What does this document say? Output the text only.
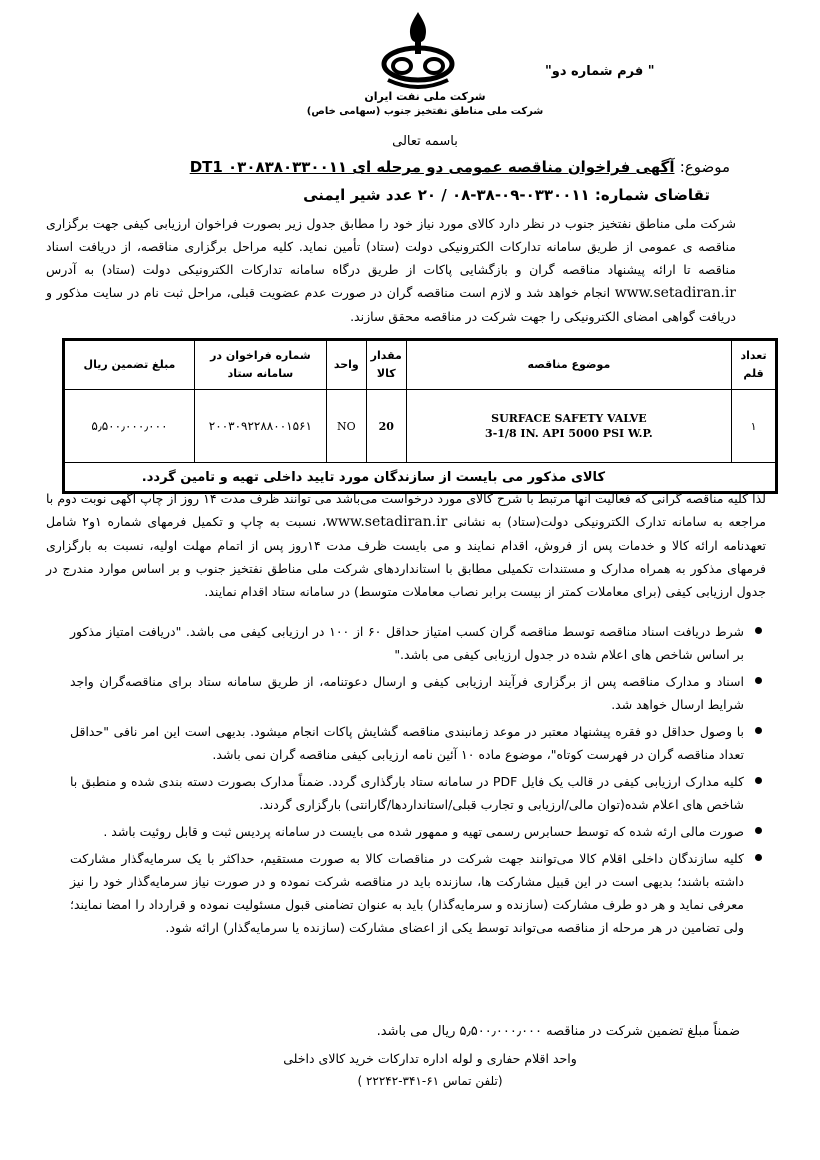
" فرم شماره دو"
شرکت ملی نفت ایران
شرکت ملی مناطق نفتخیز جنوب (سهامی خاص)
باسمه تعالی
موضوع: آگهی فراخوان مناقصه عمومی دو مرحله ای DT1 ۰۳۰۸۳۸۰۳۳۰۰۱۱
تقاضای شماره: ۰۳۳۰۰۱۱-۰۹-۳۸-۰۸ / ۲۰ عدد شیر ایمنی
شرکت ملی مناطق نفتخیز جنوب در نظر دارد کالای مورد نیاز خود را مطابق جدول زیر بصورت فراخوان ارزیابی کیفی جهت برگزاری مناقصه ی عمومی از طریق سامانه تدارکات الکترونیکی دولت (ستاد) تأمین نماید. کلیه مراحل برگزاری مناقصه، از دریافت اسناد مناقصه تا ارائه پیشنهاد مناقصه گران و بازگشایی پاکات از طریق درگاه سامانه تدارکات الکترونیکی دولت (ستاد) به آدرس www.setadiran.ir انجام خواهد شد و لازم است مناقصه گران در صورت عدم عضویت قبلی، مراحل ثبت نام در سایت مذکور و دریافت گواهی امضای الکترونیکی را جهت شرکت در مناقصه محقق سازند.
تعداد قلم	موضوع مناقصه	مقدار کالا	واحد	شماره فراخوان در سامانه ستاد	مبلغ تضمین ریال
۱	SURFACE SAFETY VALVE
3-1/8 IN. API 5000 PSI W.P.	20	NO	۲۰۰۳۰۹۲۲۸۸۰۰۱۵۶۱	۵٫۵۰۰٫۰۰۰٫۰۰۰
کالای مذکور می بایست از سازندگان مورد تایید داخلی تهیه و تامین گردد.					
لذا کلیه مناقصه گرانی که فعالیت آنها مرتبط با شرح کالای مورد درخواست می‌باشد می توانند ظرف مدت ۱۴ روز از چاپ آگهی نوبت دوم با مراجعه به سامانه تدارک الکترونیکی دولت(ستاد) به نشانی www.setadiran.ir، نسبت به چاپ و تکمیل فرمهای شماره ۱و۲ شامل تعهدنامه ارائه کالا و خدمات پس از فروش، اقدام نمایند و می بایست ظرف مدت ۱۴روز پس از اتمام مهلت اولیه، نسبت به بارگزاری فرمهای مذکور به همراه مدارک و مستندات تکمیلی مطابق با استانداردهای شرکت ملی مناطق نفتخیز جنوب و بر اساس موارد مندرج در جدول ارزیابی کیفی (برای معاملات کمتر از بیست برابر نصاب معاملات متوسط) در سامانه ستاد اقدام نمایند.
شرط دریافت اسناد مناقصه توسط مناقصه گران کسب امتیاز حداقل ۶۰ از ۱۰۰ در ارزیابی کیفی می باشد. "دریافت امتیاز مذکور بر اساس شاخص های اعلام شده در جدول ارزیابی کیفی می باشد."
اسناد و مدارک مناقصه پس از برگزاری فرآیند ارزیابی کیفی و ارسال دعوتنامه، از طریق سامانه ستاد برای مناقصه‌گران واجد شرایط ارسال خواهد شد.
با وصول حداقل دو فقره پیشنهاد معتبر در موعد زمانبندی مناقصه گشایش پاکات انجام میشود. بدیهی است این امر نافی "حداقل تعداد مناقصه گران در فهرست کوتاه"، موضوع ماده ۱۰ آئین نامه ارزیابی کیفی مناقصه گران نمی باشد.
کلیه مدارک ارزیابی کیفی در قالب یک فایل PDF در سامانه ستاد بارگذاری گردد. ضمناً مدارک بصورت دسته بندی شده و منطبق با شاخص های اعلام شده(توان مالی/ارزیابی و تجارب قبلی/استانداردها/گارانتی) بارگزاری گردند.
صورت مالی ارئه شده که توسط حسابرس رسمی تهیه و ممهور شده می بایست در سامانه پردیس ثبت و قابل روئیت باشد .
کلیه سازندگان داخلی اقلام کالا می‌توانند جهت شرکت در مناقصات کالا به صورت مستقیم، حداکثر با یک سرمایه‌گذار مشارکت داشته باشند؛ بدیهی است در این قبیل مشارکت ها، سازنده باید در مناقصه شرکت نموده و در صورت نیاز سرمایه‌گذار خود را نیز معرفی نماید و هر دو طرف مشارکت (سازنده و سرمایه‌گذار) باید به عنوان تضامنی قبول مسئولیت نموده و قرارداد را امضا نمایند؛ ولی تضامین در هر مرحله از مناقصه می‌تواند توسط یکی از اعضای مشارکت (سازنده یا سرمایه‌گذار) ارائه شود.
ضمناً مبلغ تضمین شرکت در مناقصه ۵٫۵۰۰٫۰۰۰٫۰۰۰ ریال می باشد.
واحد اقلام حفاری و لوله اداره تدارکات خرید کالای داخلی
(تلفن تماس ۶۱-۳۴۱-۲۲۲۴۲ )
